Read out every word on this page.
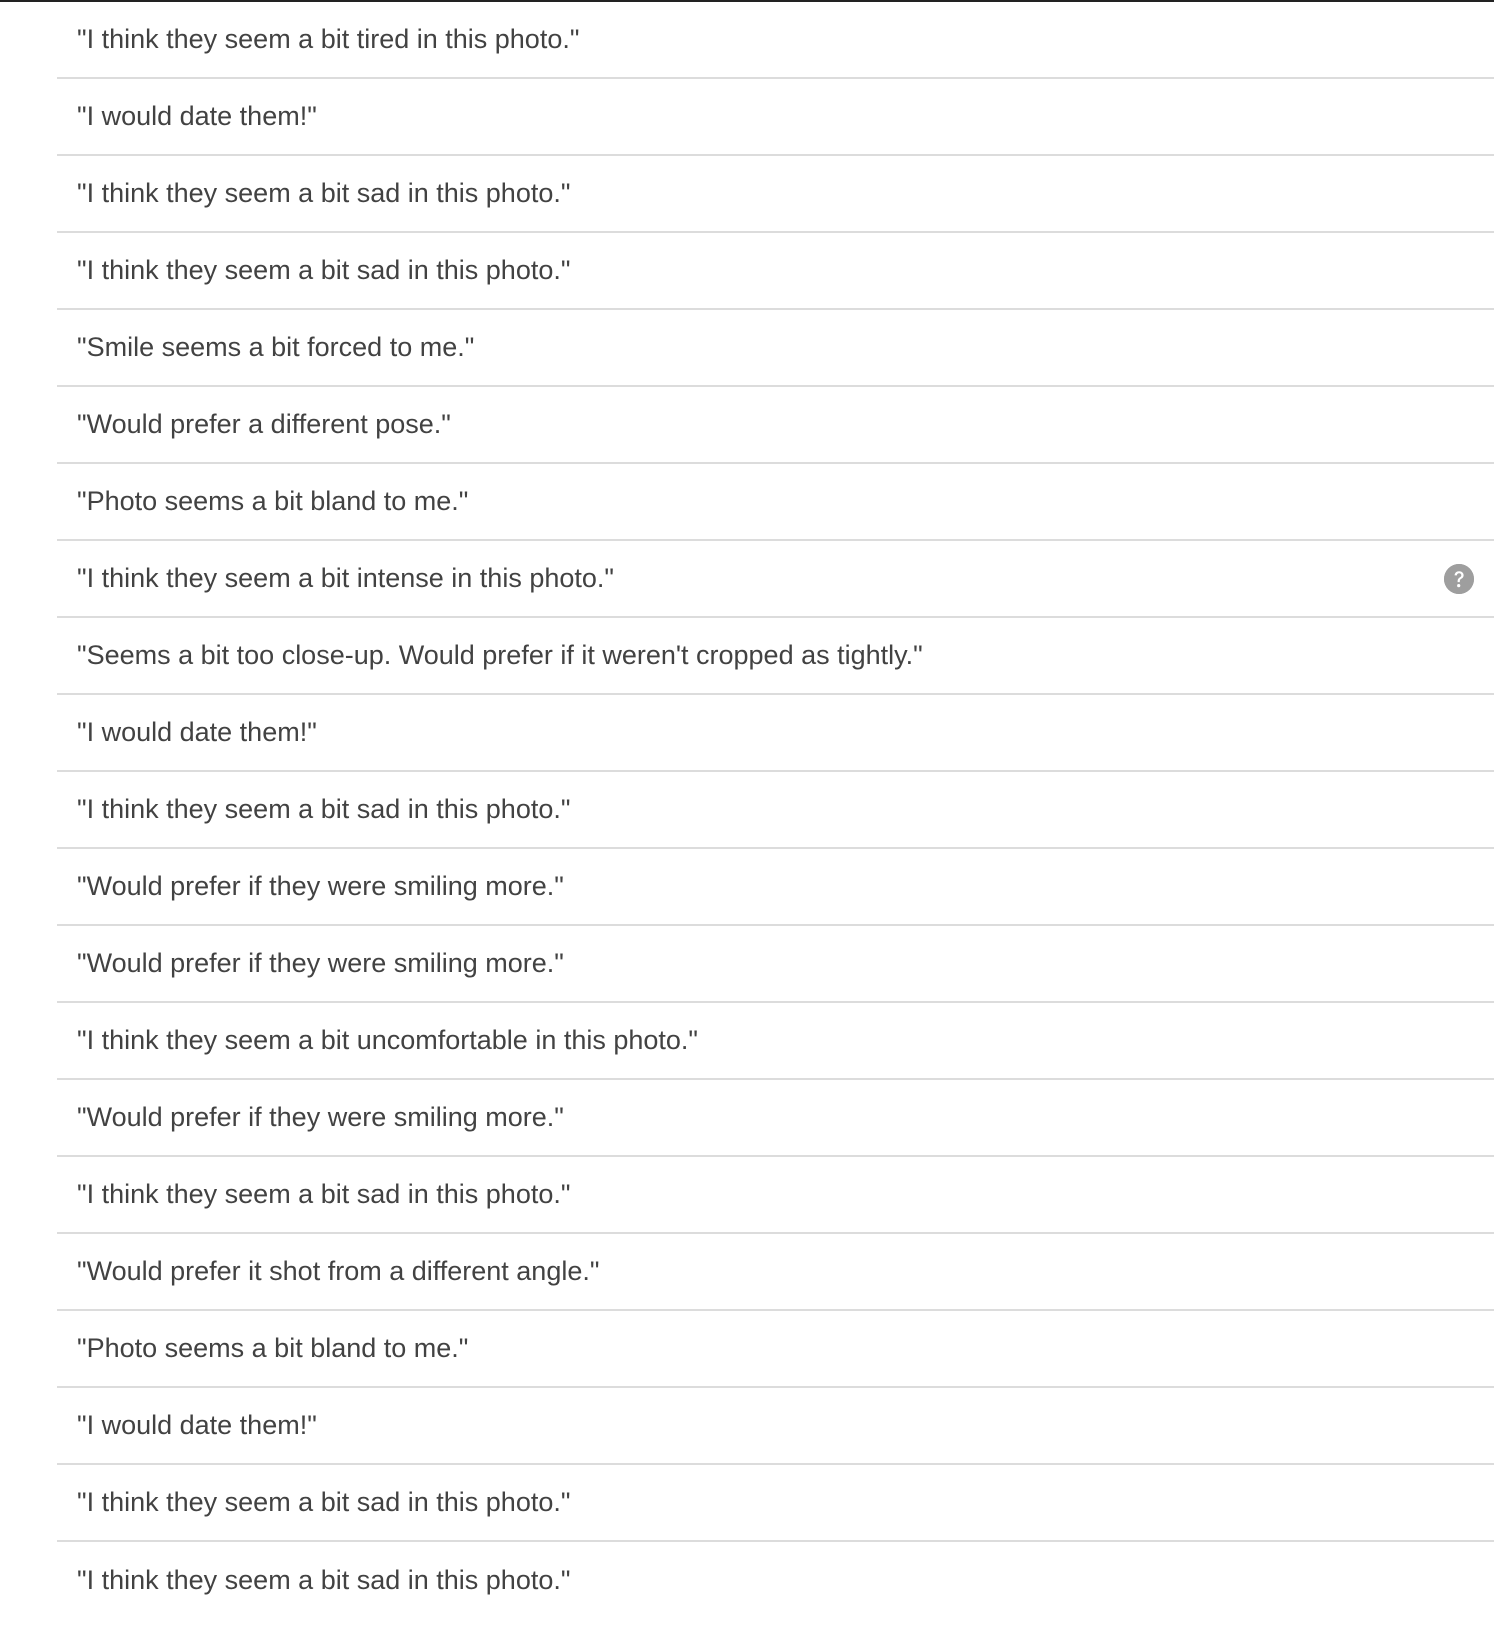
"I think they seem a bit tired in this photo."
"I would date them!"
"I think they seem a bit sad in this photo."
"I think they seem a bit sad in this photo."
"Smile seems a bit forced to me."
"Would prefer a different pose."
"Photo seems a bit bland to me."
"I think they seem a bit intense in this photo."
"Seems a bit too close-up. Would prefer if it weren't cropped as tightly."
"I would date them!"
"I think they seem a bit sad in this photo."
"Would prefer if they were smiling more."
"Would prefer if they were smiling more."
"I think they seem a bit uncomfortable in this photo."
"Would prefer if they were smiling more."
"I think they seem a bit sad in this photo."
"Would prefer it shot from a different angle."
"Photo seems a bit bland to me."
"I would date them!"
"I think they seem a bit sad in this photo."
"I think they seem a bit sad in this photo."
